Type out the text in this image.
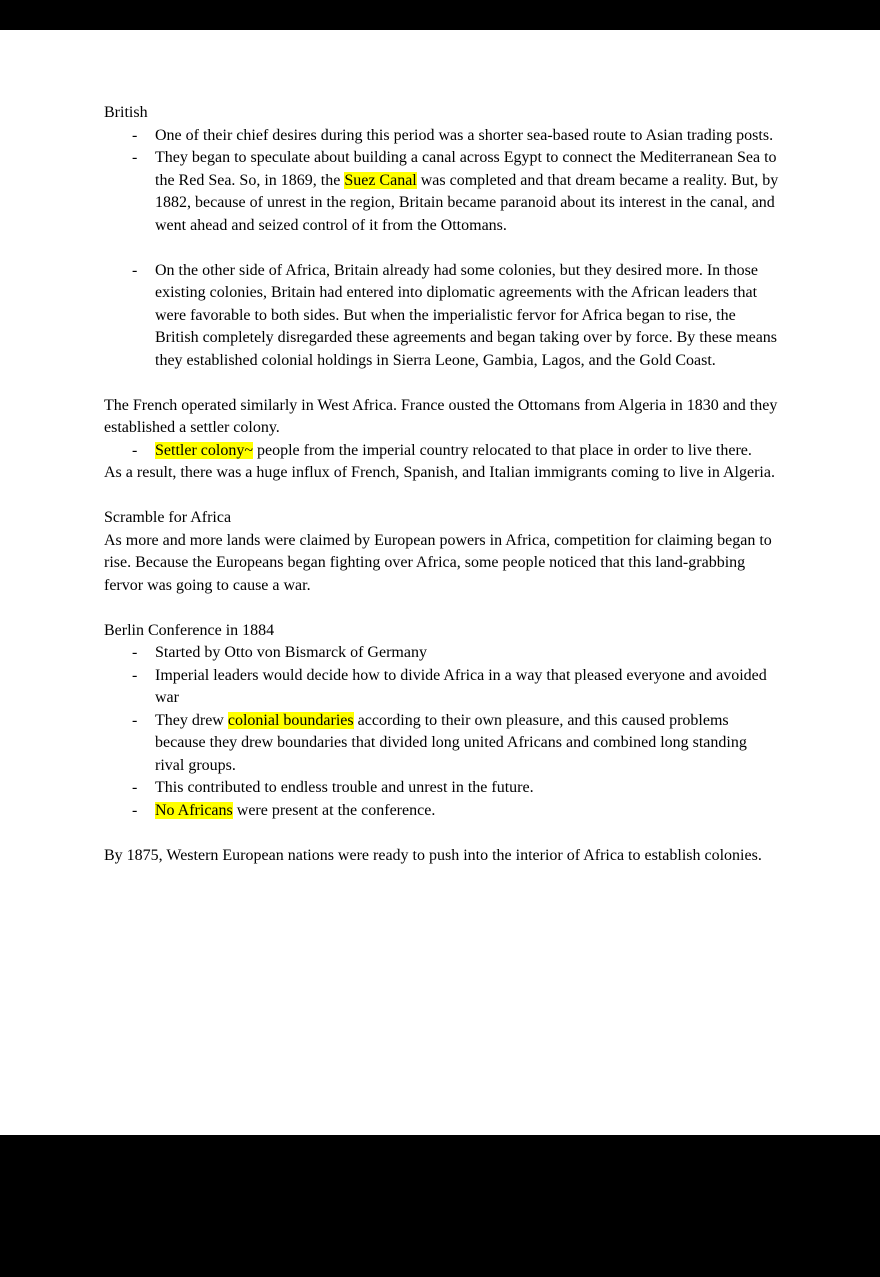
British

-	One of their chief desires during this period was a shorter sea-based route to Asian trading posts.
-	They began to speculate about building a canal across Egypt to connect the Mediterranean Sea to the Red Sea. So, in 1869, the Suez Canal was completed and that dream became a reality. But, by 1882, because of unrest in the region, Britain became paranoid about its interest in the canal, and went ahead and seized control of it from the Ottomans.
-	On the other side of Africa, Britain already had some colonies, but they desired more. In those existing colonies, Britain had entered into diplomatic agreements with the African leaders that were favorable to both sides. But when the imperialistic fervor for Africa began to rise, the British completely disregarded these agreements and began taking over by force. By these means they established colonial holdings in Sierra Leone, Gambia, Lagos, and the Gold Coast.

The French operated similarly in West Africa. France ousted the Ottomans from Algeria in 1830 and they established a settler colony.

-	Settler colony~ people from the imperial country relocated to that place in order to live there.

As a result, there was a huge influx of French, Spanish, and Italian immigrants coming to live in Algeria.

Scramble for Africa

As more and more lands were claimed by European powers in Africa, competition for claiming began to rise. Because the Europeans began fighting over Africa, some people noticed that this land-grabbing fervor was going to cause a war.

Berlin Conference in 1884

-	Started by Otto von Bismarck of Germany
-	Imperial leaders would decide how to divide Africa in a way that pleased everyone and avoided war
-	They drew colonial boundaries according to their own pleasure, and this caused problems because they drew boundaries that divided long united Africans and combined long standing rival groups.
-	This contributed to endless trouble and unrest in the future.
-	No Africans were present at the conference.

By 1875, Western European nations were ready to push into the interior of Africa to establish colonies.
